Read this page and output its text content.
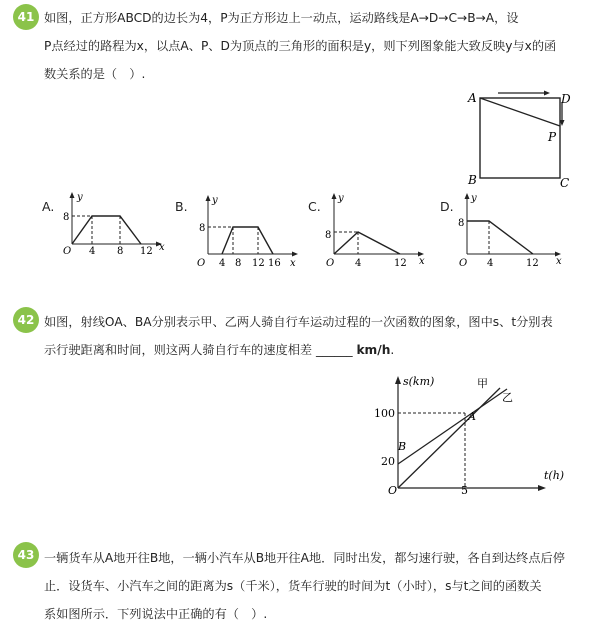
41 如图，正方形ABCD的边长为4，P为正方形边上一动点，运动路线是A→D→C→B→A，设
P点经过的路程为x，以点A、P、D为顶点的三角形的面积是y，则下列图象能大致反映y与x的函
数关系的是（　）.
A	D
P
B	C
A.
y
x
O
8
4 8 12
B. y
x
O
8
4 8 12 16
C.
y
x
O
8
4	12
D.
y
x
O
8
4	12
42 如图，射线OA、BA分别表示甲、乙两人骑自行车运动过程的一次函数的图象，图中s、t分别表
示行驶距离和时间，则这两人骑自行车的速度相差 ______ km/h.
s(km)
t(h)
O
100
20
5
A
B
甲
乙
43 一辆货车从A地开往B地，一辆小汽车从B地开往A地．同时出发，都匀速行驶，各自到达终点后停
止．设货车、小汽车之间的距离为s（千米），货车行驶的时间为t（小时），s与t之间的函数关
系如图所示．下列说法中正确的有（　）.
